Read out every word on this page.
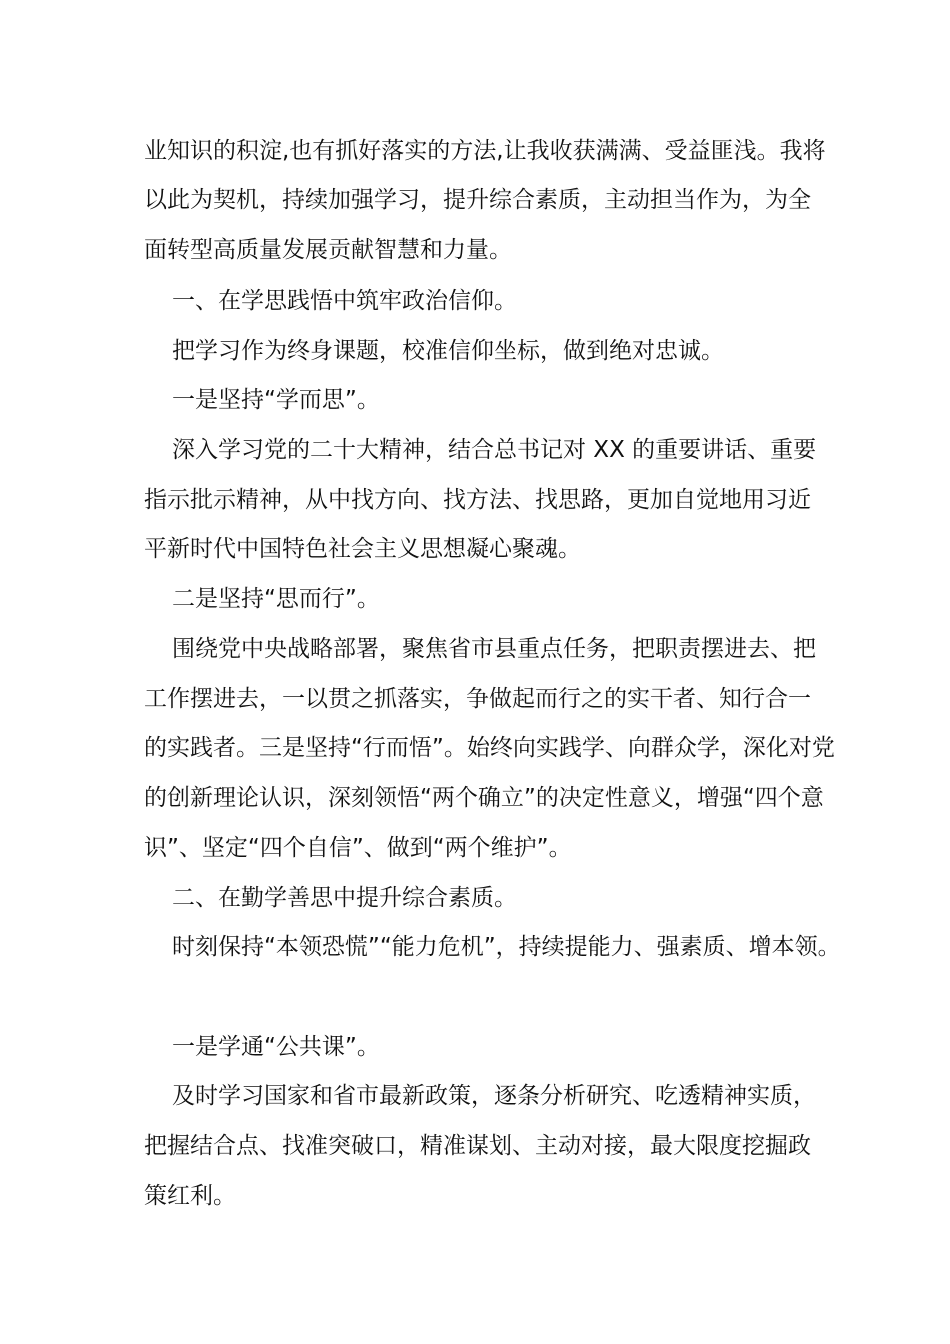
业知识的积淀,也有抓好落实的方法,让我收获满满、受益匪浅。我将
以此为契机，持续加强学习，提升综合素质，主动担当作为，为全
面转型高质量发展贡献智慧和力量。
一、在学思践悟中筑牢政治信仰。
把学习作为终身课题，校准信仰坐标，做到绝对忠诚。
一是坚持“学而思”。
深入学习党的二十大精神，结合总书记对 XX 的重要讲话、重要
指示批示精神，从中找方向、找方法、找思路，更加自觉地用习近
平新时代中国特色社会主义思想凝心聚魂。
二是坚持“思而行”。
围绕党中央战略部署，聚焦省市县重点任务，把职责摆进去、把
工作摆进去，一以贯之抓落实，争做起而行之的实干者、知行合一
的实践者。三是坚持“行而悟”。始终向实践学、向群众学，深化对党
的创新理论认识，深刻领悟“两个确立”的决定性意义，增强“四个意
识”、坚定“四个自信”、做到“两个维护”。
二、在勤学善思中提升综合素质。
时刻保持“本领恐慌”“能力危机”，持续提能力、强素质、增本领。
一是学通“公共课”。
及时学习国家和省市最新政策，逐条分析研究、吃透精神实质，
把握结合点、找准突破口，精准谋划、主动对接，最大限度挖掘政
策红利。
